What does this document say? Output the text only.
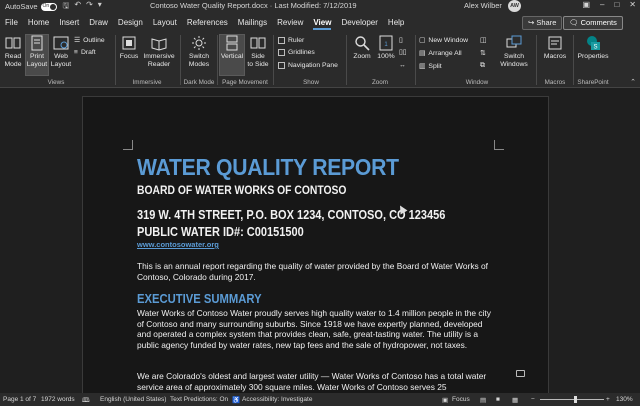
AutoSave On 🖫 ↶ ↷ ▾	Contoso Water Quality Report.docx · Last Modified: 7/12/2019	Alex Wilber	AW	▣ – □ ✕
File	Home	Insert	Draw	Design	Layout	References	Mailings	Review	View	Developer	Help	↪ Share	🗨 Comments
Read
Mode
Print
Layout
Web
Layout
☰ Outline
≡ Draft
Views
Focus Immersive
Reader
Immersive
Switch
Modes
Dark Mode
Vertical	Side
to Side
Page Movement
Ruler
Gridlines
Navigation Pane
Show
Zoom
1
100%
▯
▯▯
↔
Zoom
▢ New Window
▤ Arrange All
▥ Split
◫
⇅
⧉
Switch
Windows
Window
Macros
Macros
S
Properties
SharePoint	⌃
WATER QUALITY REPORT
BOARD OF WATER WORKS OF CONTOSO
319 W. 4TH STREET, P.O. BOX 1234, CONTOSO, CO 123456
PUBLIC WATER ID#: C00151500
www.contosowater.org
This is an annual report regarding the quality of water provided by the Board of Water Works of Contoso, Colorado during 2017.
EXECUTIVE SUMMARY
Water Works of Contoso Water proudly serves high quality water to 1.4 million people in the city of Contoso and many surrounding suburbs. Since 1918 we have expertly planned, developed and operated a complex system that provides clean, safe, great-tasting water. The utility is a public agency funded by water rates, new tap fees and the sale of hydropower, not taxes.
We are Colorado's oldest and largest water utility — Water Works of Contoso has a total water service area of approximately 300 square miles. Water Works of Contoso serves 25
Page 1 of 7 1972 words 🕮 English (United States) Text Predictions: On ♿ Accessibility: Investigate	▣ Focus ▤ ■ ▦ −	+ 130%
